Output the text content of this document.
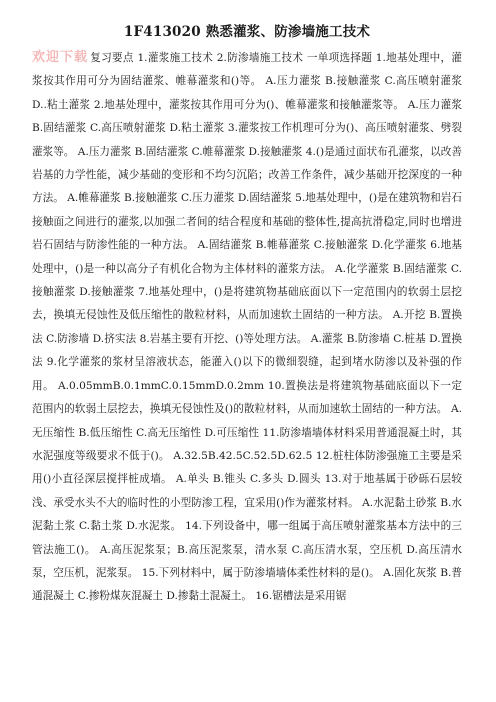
1F413020 熟悉灌浆、防渗墙施工技术

欢迎下载 复习要点 1.灌浆施工技术 2.防渗墙施工技术 一单项选择题 1.地基处理中，灌浆按其作用可分为固结灌浆、帷幕灌浆和()等。 A.压力灌浆 B.接触灌浆 C.高压喷射灌浆 D..粘土灌浆 2.地基处理中，灌浆按其作用可分为()、帷幕灌浆和接触灌浆等。 A.压力灌浆 B.固结灌浆 C.高压喷射灌浆 D.粘土灌浆 3.灌浆按工作机理可分为()、高压喷射灌浆、劈裂灌浆等。 A.压力灌浆 B.固结灌浆 C.帷幕灌浆 D.接触灌浆 4.()是通过面状布孔灌浆，以改善岩基的力学性能，减少基础的变形和不均匀沉陷；改善工作条件，减少基础开挖深度的一种方法。 A.帷幕灌浆 B.接触灌浆 C.压力灌浆 D.固结灌浆 5.地基处理中，()是在建筑物和岩石接触面之间进行的灌浆,以加强二者间的结合程度和基础的整体性,提高抗滑稳定,同时也增进岩石固结与防渗性能的一种方法。 A.固结灌浆 B.帷幕灌浆 C.接触灌浆 D.化学灌浆 6.地基处理中，()是一种以高分子有机化合物为主体材料的灌浆方法。 A.化学灌浆 B.固结灌浆 C.接触灌浆 D.接触灌浆 7.地基处理中，()是将建筑物基础底面以下一定范围内的软弱土层挖去，换填无侵蚀性及低压缩性的散粒材料，从而加速软土固结的一种方法。 A.开挖 B.置换法 C.防渗墙 D.挤实法 8.岩基主要有开挖、()等处理方法。 A.灌浆 B.防渗墙 C.桩基 D.置换法 9.化学灌浆的浆材呈溶液状态，能灌入()以下的微细裂缝，起到堵水防渗以及补强的作用。 A.0.05mmB.0.1mmC.0.15mmD.0.2mm 10.置换法是将建筑物基础底面以下一定范围内的软弱土层挖去，换填无侵蚀性及()的散粒材料，从而加速软土固结的一种方法。 A.无压缩性 B.低压缩性 C.高无压缩性 D.可压缩性 11.防渗墙墙体材料采用普通混凝土时，其水泥强度等级要求不低于()。 A.32.5B.42.5C.52.5D.62.5 12.桩柱体防渗强施工主要是采用()小直径深层搅拌桩成墙。 A.单头 B.锥头 C.多头 D.圆头 13.对于地基属于砂砾石层较浅、承受水头不大的临时性的小型防渗工程，宜采用()作为灌浆材料。 A.水泥黏土砂浆 B.水泥黏土浆 C.黏土浆 D.水泥浆。 14.下列设备中，哪一组属于高压喷射灌浆基本方法中的三管法施工()。 A.高压泥浆泵；B.高压泥浆泵，清水泵 C.高压清水泵，空压机 D.高压清水泵，空压机，泥浆泵。 15.下列材料中，属于防渗墙墙体柔性材料的是()。 A.固化灰浆 B.普通混凝土 C.掺粉煤灰混凝土 D.掺黏土混凝土。 16.锯槽法是采用锯
